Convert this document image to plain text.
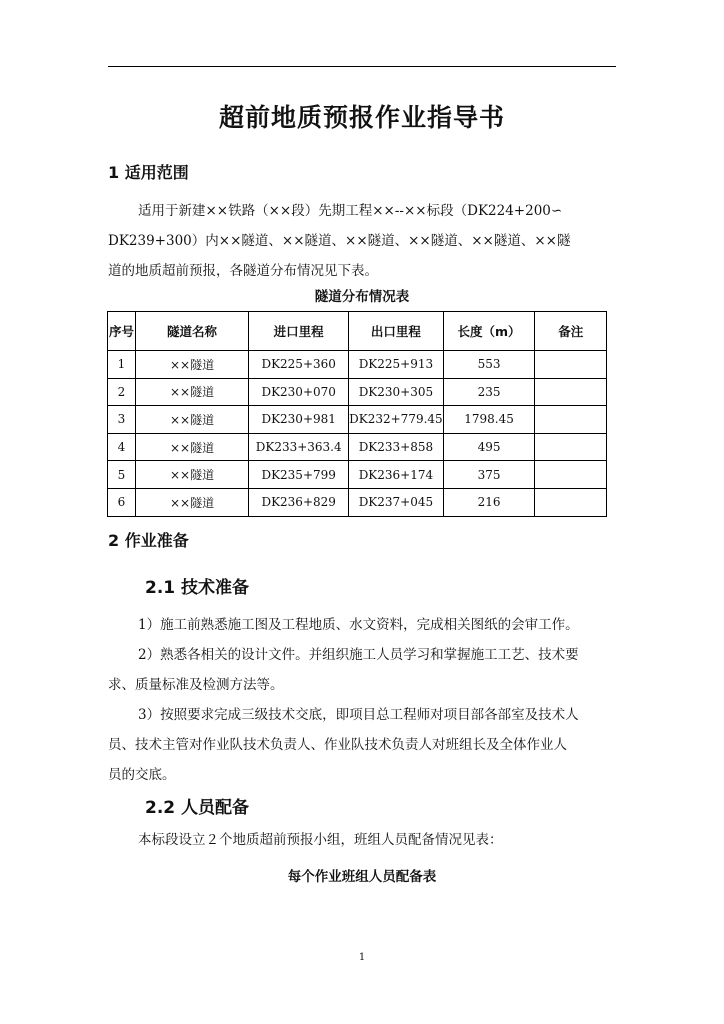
超前地质预报作业指导书
1 适用范围
适用于新建××铁路（××段）先期工程××--××标段（DK224+200∽
DK239+300）内××隧道、××隧道、××隧道、××隧道、××隧道、××隧
道的地质超前预报，各隧道分布情况见下表。
隧道分布情况表
序号	隧道名称	进口里程	出口里程	长度（m）	备注
1	××隧道	DK225+360	DK225+913	553	
2	××隧道	DK230+070	DK230+305	235	
3	××隧道	DK230+981	DK232+779.45	1798.45	
4	××隧道	DK233+363.4	DK233+858	495	
5	××隧道	DK235+799	DK236+174	375	
6	××隧道	DK236+829	DK237+045	216	
2 作业准备
2.1 技术准备
1）施工前熟悉施工图及工程地质、水文资料，完成相关图纸的会审工作。
2）熟悉各相关的设计文件。并组织施工人员学习和掌握施工工艺、技术要
求、质量标准及检测方法等。
3）按照要求完成三级技术交底，即项目总工程师对项目部各部室及技术人
员、技术主管对作业队技术负责人、作业队技术负责人对班组长及全体作业人
员的交底。
2.2 人员配备
本标段设立２个地质超前预报小组，班组人员配备情况见表：
每个作业班组人员配备表
1
